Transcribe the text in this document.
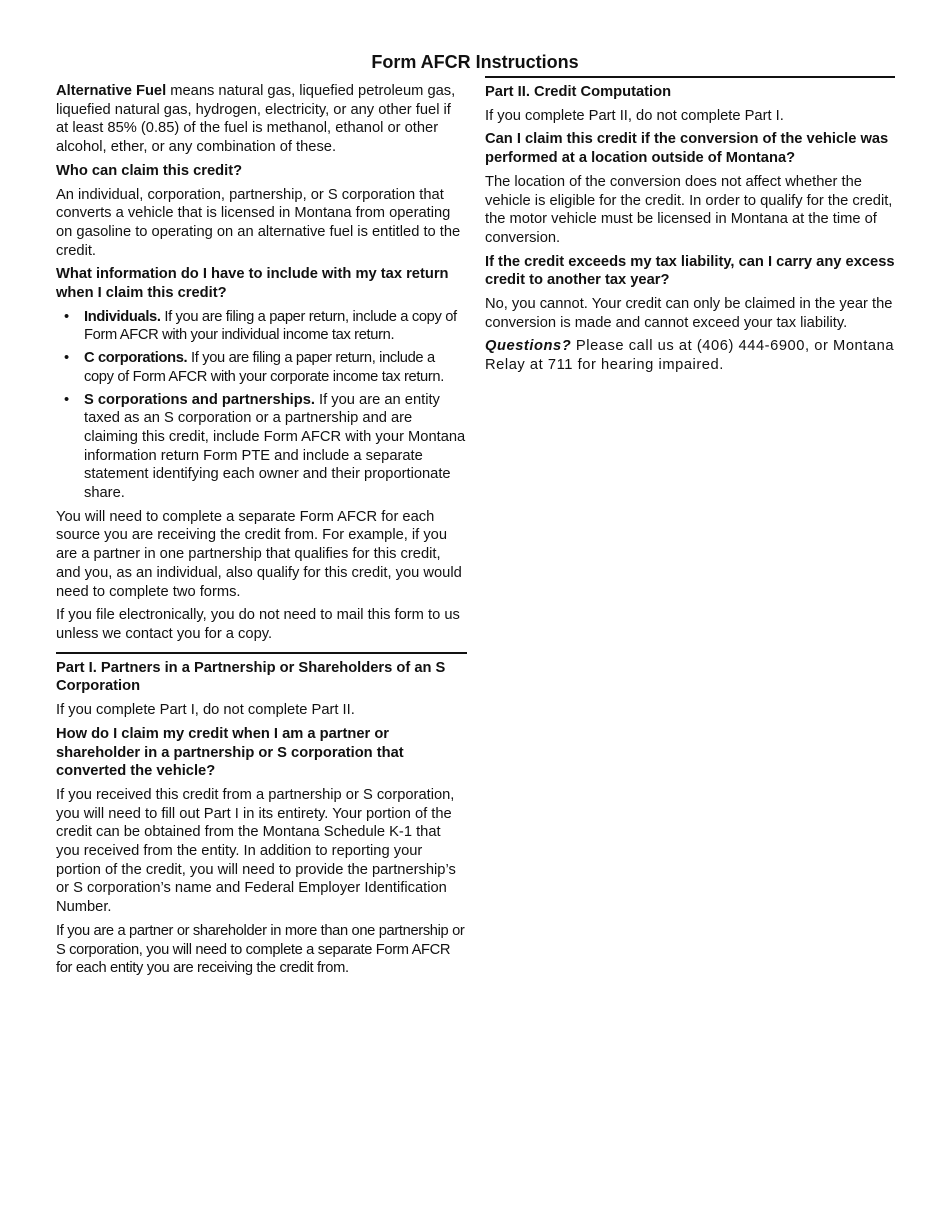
Form AFCR Instructions

Alternative Fuel means natural gas, liquefied petroleum gas, liquefied natural gas, hydrogen, electricity, or any other fuel if at least 85% (0.85) of the fuel is methanol, ethanol or other alcohol, ether, or any combination of these.

Who can claim this credit?

An individual, corporation, partnership, or S corporation that converts a vehicle that is licensed in Montana from operating on gasoline to operating on an alternative fuel is entitled to the credit.

What information do I have to include with my tax return when I claim this credit?
• Individuals. If you are filing a paper return, include a copy of Form AFCR with your individual income tax return.
• C corporations. If you are filing a paper return, include a copy of Form AFCR with your corporate income tax return.
• S corporations and partnerships. If you are an entity taxed as an S corporation or a partnership and are claiming this credit, include Form AFCR with your Montana information return Form PTE and include a separate statement identifying each owner and their proportionate share.

You will need to complete a separate Form AFCR for each source you are receiving the credit from. For example, if you are a partner in one partnership that qualifies for this credit, and you, as an individual, also qualify for this credit, you would need to complete two forms.

If you file electronically, you do not need to mail this form to us unless we contact you for a copy.

Part I. Partners in a Partnership or Shareholders of an S Corporation

If you complete Part I, do not complete Part II.

How do I claim my credit when I am a partner or shareholder in a partnership or S corporation that converted the vehicle?

If you received this credit from a partnership or S corporation, you will need to fill out Part I in its entirety. Your portion of the credit can be obtained from the Montana Schedule K-1 that you received from the entity. In addition to reporting your portion of the credit, you will need to provide the partnership’s or S corporation’s name and Federal Employer Identification Number.

If you are a partner or shareholder in more than one partnership or S corporation, you will need to complete a separate Form AFCR for each entity you are receiving the credit from.

Part II. Credit Computation

If you complete Part II, do not complete Part I.

Can I claim this credit if the conversion of the vehicle was performed at a location outside of Montana?

The location of the conversion does not affect whether the vehicle is eligible for the credit. In order to qualify for the credit, the motor vehicle must be licensed in Montana at the time of conversion.

If the credit exceeds my tax liability, can I carry any excess credit to another tax year?

No, you cannot. Your credit can only be claimed in the year the conversion is made and cannot exceed your tax liability.

Questions? Please call us at (406) 444-6900, or Montana Relay at 711 for hearing impaired.
